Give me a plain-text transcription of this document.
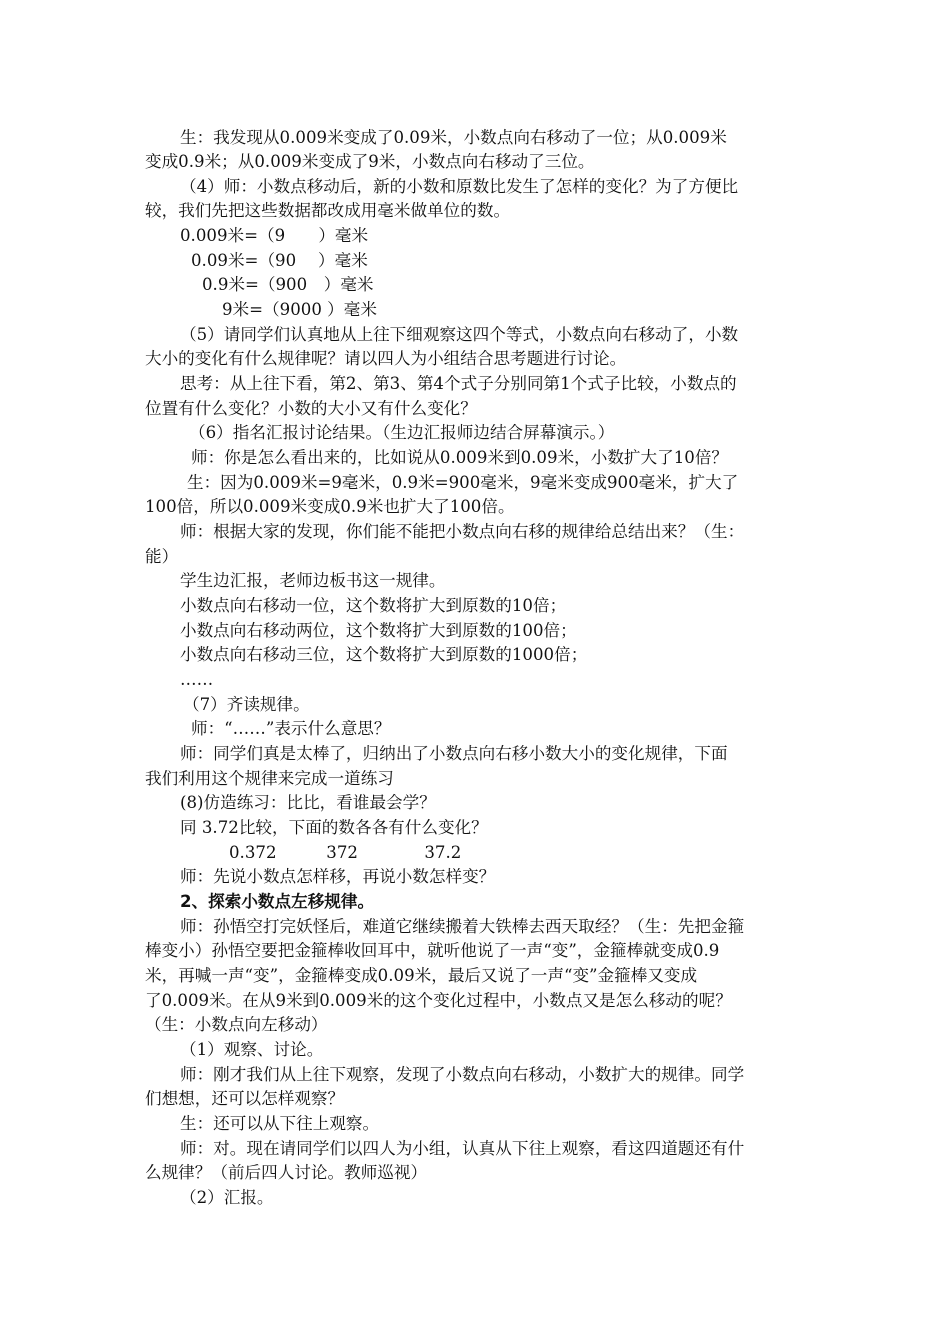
生：我发现从0.009米变成了0.09米，小数点向右移动了一位；从0.009米
变成0.9米；从0.009米变成了9米，小数点向右移动了三位。
（4）师：小数点移动后，新的小数和原数比发生了怎样的变化？为了方便比
较，我们先把这些数据都改成用毫米做单位的数。
0.009米=（9　　）毫米
0.09米=（90　 ）毫米
0.9米=（900　）毫米
9米=（9000 ）毫米
（5）请同学们认真地从上往下细观察这四个等式，小数点向右移动了，小数
大小的变化有什么规律呢？请以四人为小组结合思考题进行讨论。
思考：从上往下看，第2、第3、第4个式子分别同第1个式子比较，小数点的
位置有什么变化？小数的大小又有什么变化？
（6）指名汇报讨论结果。（生边汇报师边结合屏幕演示。）
师：你是怎么看出来的，比如说从0.009米到0.09米，小数扩大了10倍？
生：因为0.009米=9毫米，0.9米=900毫米，9毫米变成900毫米，扩大了
100倍，所以0.009米变成0.9米也扩大了100倍。
师：根据大家的发现，你们能不能把小数点向右移的规律给总结出来？（生：
能）
学生边汇报，老师边板书这一规律。
小数点向右移动一位，这个数将扩大到原数的10倍；
小数点向右移动两位，这个数将扩大到原数的100倍；
小数点向右移动三位，这个数将扩大到原数的1000倍；
……
（7）齐读规律。
师：“……”表示什么意思？
师：同学们真是太棒了，归纳出了小数点向右移小数大小的变化规律，下面
我们利用这个规律来完成一道练习
(8)仿造练习：比比，看谁最会学？
同 3.72比较，下面的数各各有什么变化？
0.372　　　372　　　　37.2
师：先说小数点怎样移，再说小数怎样变？
2、探索小数点左移规律。
师：孙悟空打完妖怪后，难道它继续搬着大铁棒去西天取经？（生：先把金箍
棒变小）孙悟空要把金箍棒收回耳中，就听他说了一声“变”，金箍棒就变成0.9
米，再喊一声“变”，金箍棒变成0.09米，最后又说了一声“变”金箍棒又变成
了0.009米。在从9米到0.009米的这个变化过程中，小数点又是怎么移动的呢？
（生：小数点向左移动）
（1）观察、讨论。
师：刚才我们从上往下观察，发现了小数点向右移动，小数扩大的规律。同学
们想想，还可以怎样观察？
生：还可以从下往上观察。
师：对。现在请同学们以四人为小组，认真从下往上观察，看这四道题还有什
么规律？（前后四人讨论。教师巡视）
（2）汇报。
